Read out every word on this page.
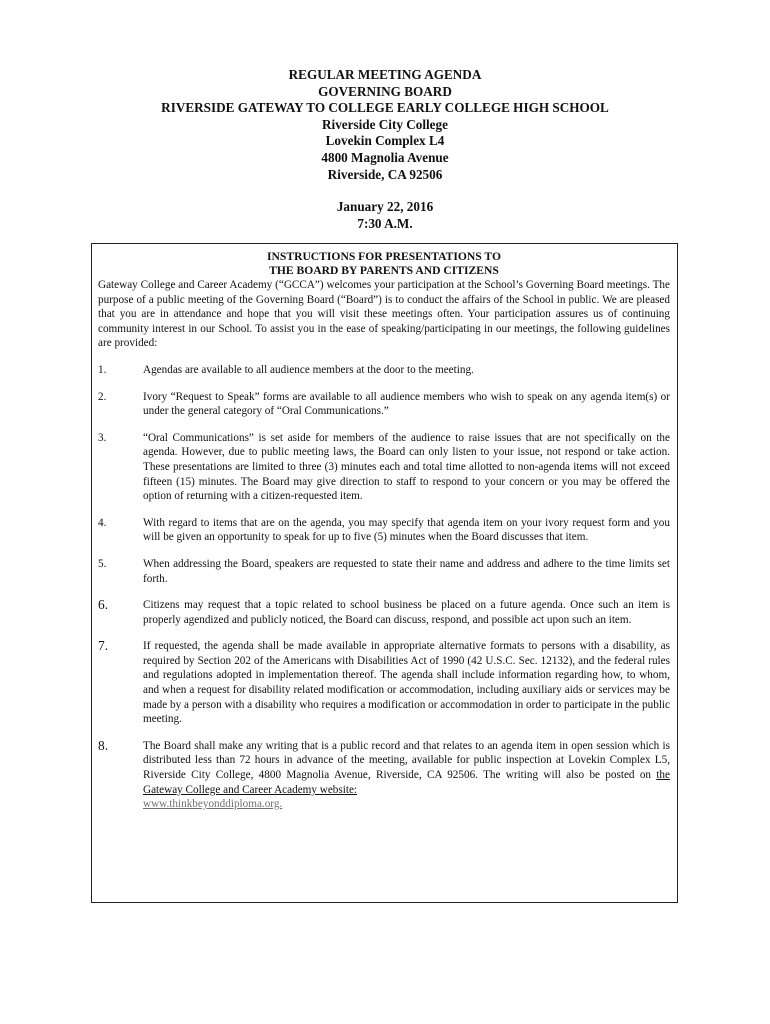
REGULAR MEETING AGENDA
GOVERNING BOARD
RIVERSIDE GATEWAY TO COLLEGE EARLY COLLEGE HIGH SCHOOL
Riverside City College
Lovekin Complex L4
4800 Magnolia Avenue
Riverside, CA 92506
January 22, 2016
7:30 A.M.
INSTRUCTIONS FOR PRESENTATIONS TO
THE BOARD BY PARENTS AND CITIZENS

Gateway College and Career Academy (“GCCA”) welcomes your participation at the School’s Governing Board meetings. The purpose of a public meeting of the Governing Board (“Board”) is to conduct the affairs of the School in public. We are pleased that you are in attendance and hope that you will visit these meetings often. Your participation assures us of continuing community interest in our School. To assist you in the ease of speaking/participating in our meetings, the following guidelines are provided:

1.	Agendas are available to all audience members at the door to the meeting.
2.	Ivory “Request to Speak” forms are available to all audience members who wish to speak on any agenda item(s) or under the general category of “Oral Communications.”
3.	“Oral Communications” is set aside for members of the audience to raise issues that are not specifically on the agenda. However, due to public meeting laws, the Board can only listen to your issue, not respond or take action. These presentations are limited to three (3) minutes each and total time allotted to non-agenda items will not exceed fifteen (15) minutes. The Board may give direction to staff to respond to your concern or you may be offered the option of returning with a citizen-requested item.
4.	With regard to items that are on the agenda, you may specify that agenda item on your ivory request form and you will be given an opportunity to speak for up to five (5) minutes when the Board discusses that item.
5.	When addressing the Board, speakers are requested to state their name and address and adhere to the time limits set forth.
6.	Citizens may request that a topic related to school business be placed on a future agenda. Once such an item is properly agendized and publicly noticed, the Board can discuss, respond, and possible act upon such an item.
7.	If requested, the agenda shall be made available in appropriate alternative formats to persons with a disability, as required by Section 202 of the Americans with Disabilities Act of 1990 (42 U.S.C. Sec. 12132), and the federal rules and regulations adopted in implementation thereof. The agenda shall include information regarding how, to whom, and when a request for disability related modification or accommodation, including auxiliary aids or services may be made by a person with a disability who requires a modification or accommodation in order to participate in the public meeting.
8.	The Board shall make any writing that is a public record and that relates to an agenda item in open session which is distributed less than 72 hours in advance of the meeting, available for public inspection at Lovekin Complex L5, Riverside City College, 4800 Magnolia Avenue, Riverside, CA 92506. The writing will also be posted on the Gateway College and Career Academy website:
www.thinkbeyonddiploma.org.
